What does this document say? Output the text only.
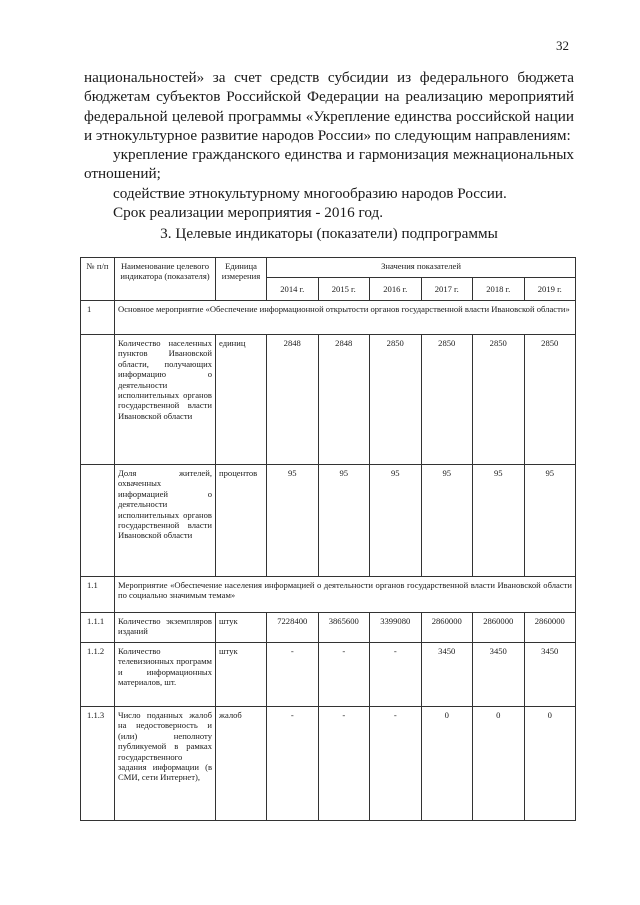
32

национальностей» за счет средств субсидии из федерального бюджета бюджетам субъектов Российской Федерации на реализацию мероприятий федеральной целевой программы «Укрепление единства российской нации и этнокультурное развитие народов России» по следующим направлениям:

укрепление гражданского единства и гармонизация межнациональных отношений;

содействие этнокультурному многообразию народов России.

Срок реализации мероприятия - 2016 год.

3. Целевые индикаторы (показатели) подпрограммы
№ п/п	Наименование целевого индикатора (показателя)	Единица измерения	Значения показателей					
			2014 г.	2015 г.	2016 г.	2017 г.	2018 г.	2019 г.
1	Основное мероприятие «Обеспечение информационной открытости органов государственной власти Ивановской области»							
	Количество населенных пунктов Ивановской области, получающих информацию о деятельности исполнительных органов государственной власти Ивановской области	единиц	2848	2848	2850	2850	2850	2850
	Доля жителей, охваченных информацией о деятельности исполнительных органов государственной власти Ивановской области	процентов	95	95	95	95	95	95
1.1	Мероприятие «Обеспечение населения информацией о деятельности органов государственной власти Ивановской области по социально значимым темам»							
1.1.1	Количество экземпляров изданий	штук	7228400	3865600	3399080	2860000	2860000	2860000
1.1.2	Количество телевизионных программ и информационных материалов, шт.	штук	-	-	-	3450	3450	3450
1.1.3	Число поданных жалоб на недостоверность и (или) неполноту публикуемой в рамках государственного задания информации (в СМИ, сети Интернет),	жалоб	-	-	-	0	0	0
